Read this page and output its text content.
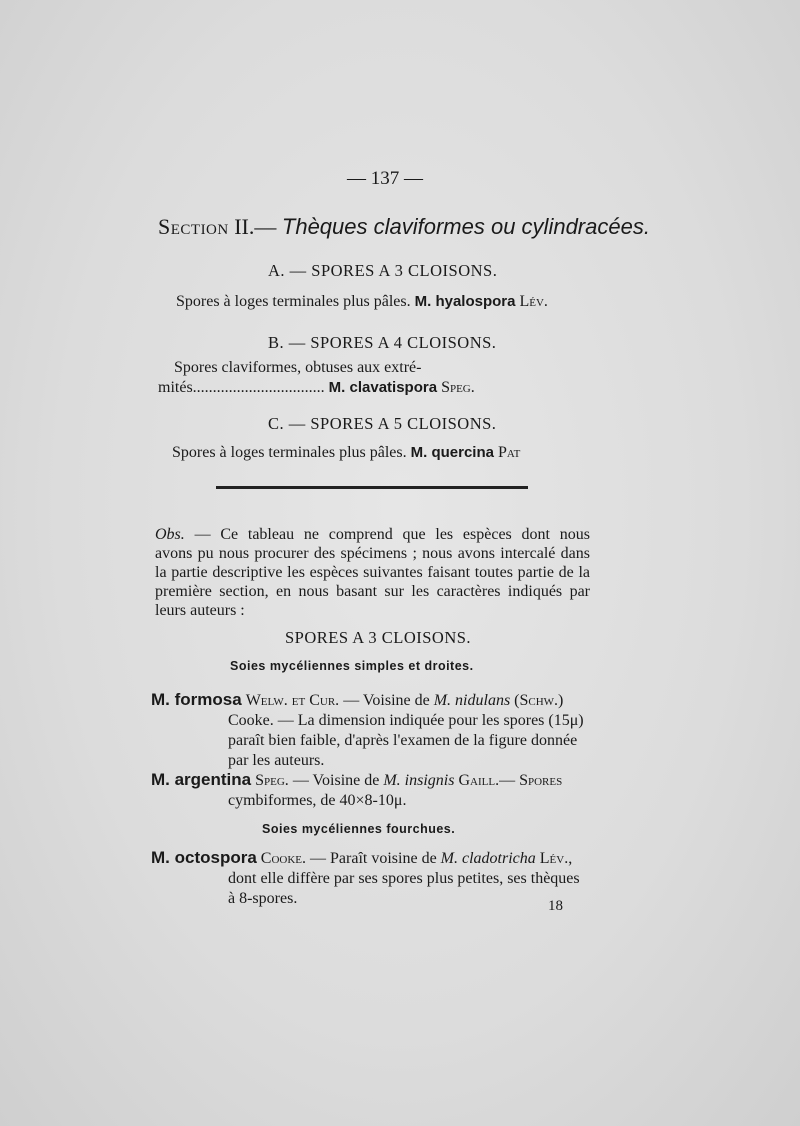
— 137 —
Section II.— Thèques claviformes ou cylindracées.
A. — SPORES A 3 CLOISONS.
Spores à loges terminales plus pâles. M. hyalospora Lév.
B. — SPORES A 4 CLOISONS.
Spores claviformes, obtuses aux extré-
mités................................. M. clavatispora Speg.
C. — SPORES A 5 CLOISONS.
Spores à loges terminales plus pâles. M. quercina Pat
Obs. — Ce tableau ne comprend que les espèces dont nous
avons pu nous procurer des spécimens ; nous avons intercalé dans
la partie descriptive les espèces suivantes faisant toutes partie de la
première section, en nous basant sur les caractères indiqués par
leurs auteurs :
SPORES A 3 CLOISONS.
Soies mycéliennes simples et droites.
M. formosa Welw. et Cur. — Voisine de M. nidulans (Schw.)
Cooke. — La dimension indiquée pour les spores (15μ)
paraît bien faible, d'après l'examen de la figure donnée
par les auteurs.
M. argentina Speg. — Voisine de M. insignis Gaill.— Spores
cymbiformes, de 40×8-10μ.
Soies mycéliennes fourchues.
M. octospora Cooke. — Paraît voisine de M. cladotricha Lév.,
dont elle diffère par ses spores plus petites, ses thèques
à 8-spores.	18
